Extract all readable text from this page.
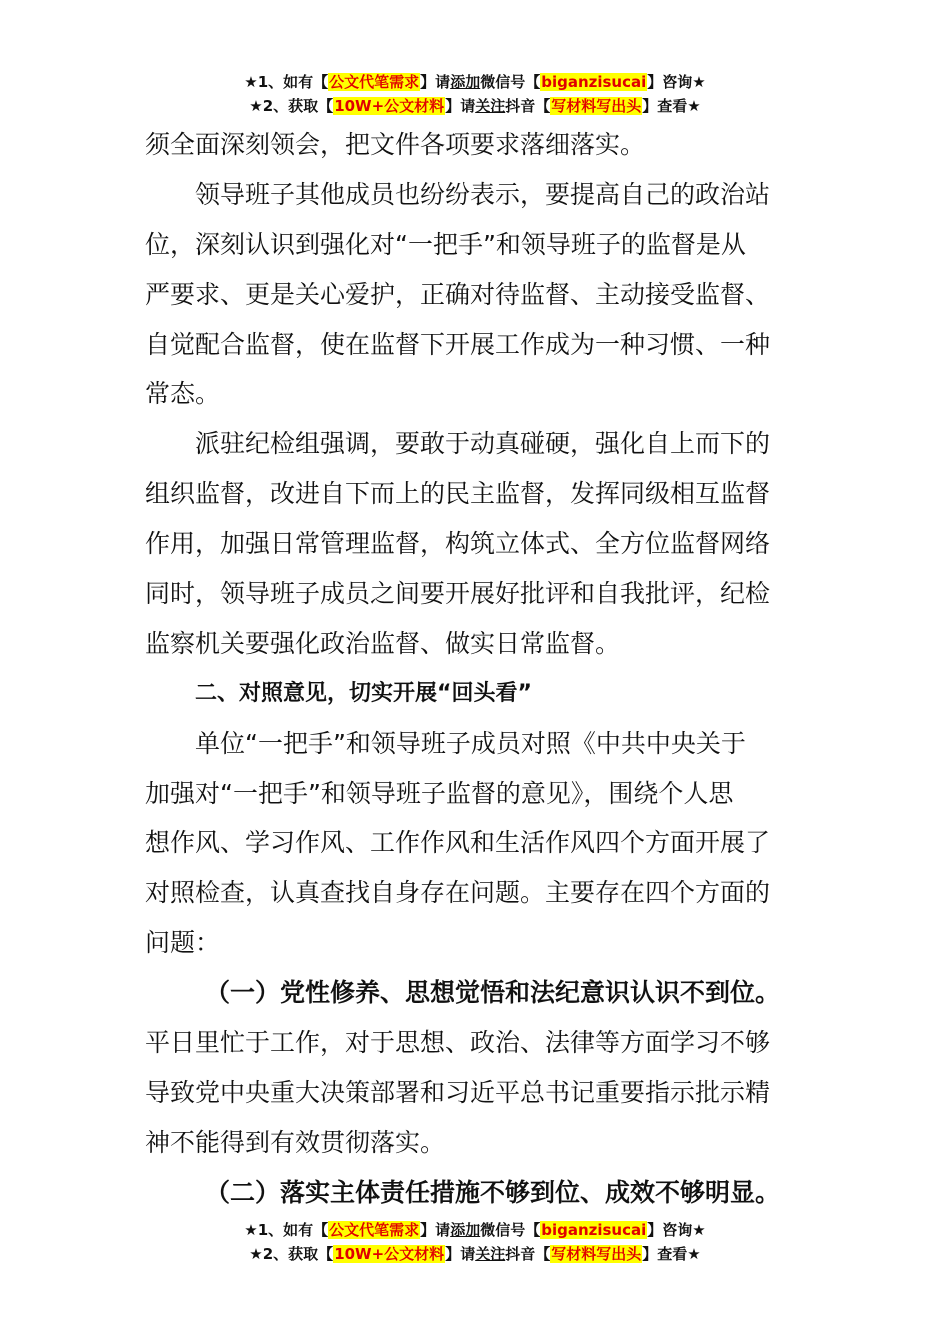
★1、如有【公文代笔需求】请添加微信号【biganzisucai】咨询★
★2、获取【10W+公文材料】请关注抖音【写材料写出头】查看★
须全面深刻领会，把文件各项要求落细落实。
领导班子其他成员也纷纷表示，要提高自己的政治站
位，深刻认识到强化对“一把手”和领导班子的监督是从
严要求、更是关心爱护，正确对待监督、主动接受监督、
自觉配合监督，使在监督下开展工作成为一种习惯、一种
常态。
派驻纪检组强调，要敢于动真碰硬，强化自上而下的
组织监督，改进自下而上的民主监督，发挥同级相互监督
作用，加强日常管理监督，构筑立体式、全方位监督网络
同时，领导班子成员之间要开展好批评和自我批评，纪检
监察机关要强化政治监督、做实日常监督。
二、对照意见，切实开展“回头看”
单位“一把手”和领导班子成员对照《中共中央关于
加强对“一把手”和领导班子监督的意见》，围绕个人思
想作风、学习作风、工作作风和生活作风四个方面开展了
对照检查，认真查找自身存在问题。主要存在四个方面的
问题：
（一）党性修养、思想觉悟和法纪意识认识不到位。
平日里忙于工作，对于思想、政治、法律等方面学习不够
导致党中央重大决策部署和习近平总书记重要指示批示精
神不能得到有效贯彻落实。
（二）落实主体责任措施不够到位、成效不够明显。
★1、如有【公文代笔需求】请添加微信号【biganzisucai】咨询★
★2、获取【10W+公文材料】请关注抖音【写材料写出头】查看★
